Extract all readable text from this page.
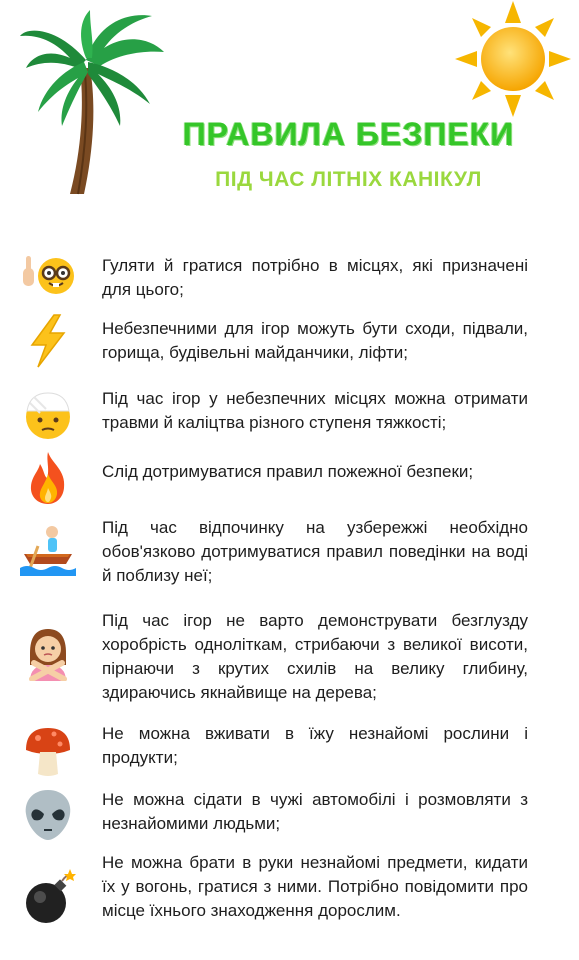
ПРАВИЛА БЕЗПЕКИ
ПІД ЧАС ЛІТНІХ КАНІКУЛ
Гуляти й гратися потрібно в місцях, які призначені для цього;
Небезпечними для ігор можуть бути сходи, підвали, горища, будівельні майданчики, ліфти;
Під час ігор у небезпечних місцях можна отримати травми й каліцтва різного ступеня тяжкості;
Слід дотримуватися правил пожежної безпеки;
Під час відпочинку на узбережжі необхідно обов'язково дотримуватися правил поведінки на воді й поблизу неї;
Під час ігор не варто демонструвати безглузду хоробрість одноліткам, стрибаючи з великої висоти, пірнаючи з крутих схилів на велику глибину, здираючись якнайвище на дерева;
Не можна вживати в їжу незнайомі рослини і продукти;
Не можна сідати в чужі автомобілі і розмовляти з незнайомими людьми;
Не можна брати в руки незнайомі предмети, кидати їх у вогонь, гратися з ними. Потрібно повідомити про місце їхнього знаходження дорослим.
